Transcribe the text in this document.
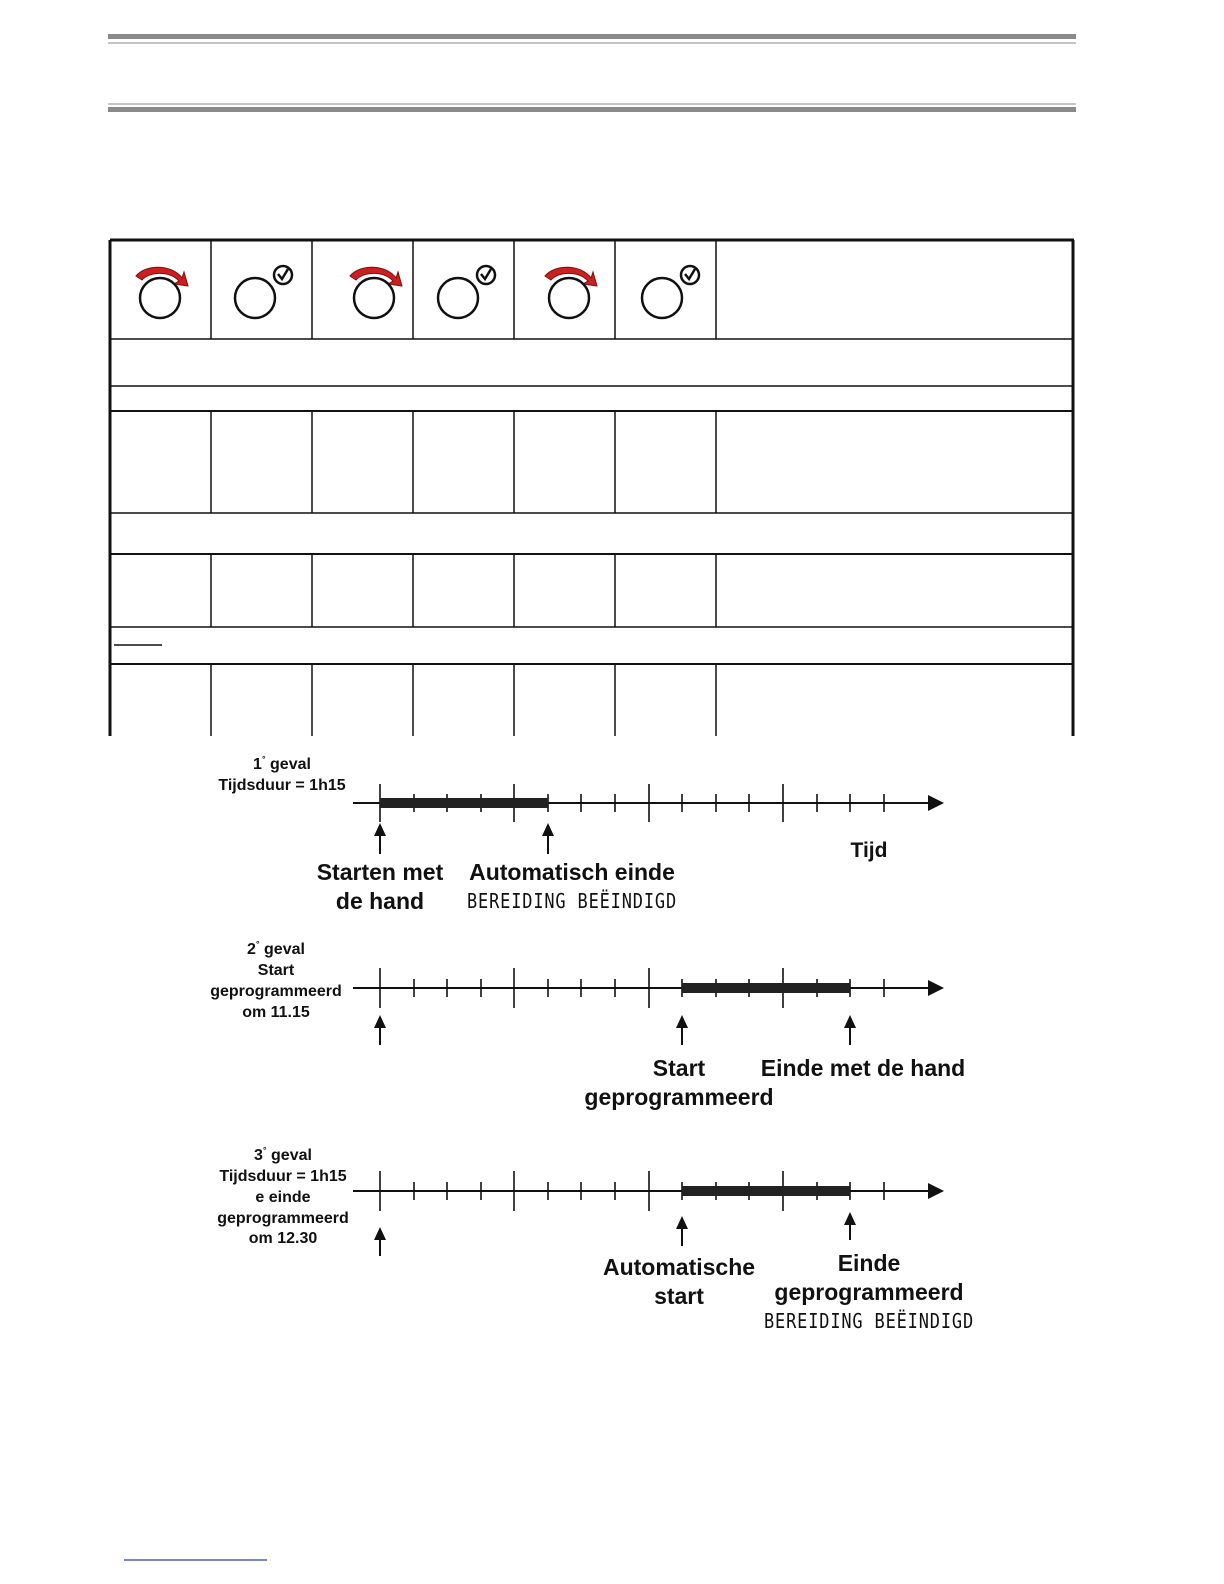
1° geval
Tijdsduur = 1h15
Tijd
Starten met
de hand
Automatisch einde
BEREIDING BEËINDIGD
2° geval
Start
geprogrammeerd
om 11.15
Start
geprogrammeerd
Einde met de hand
3° geval
Tijdsduur = 1h15
e einde
geprogrammeerd
om 12.30
Automatische
start
Einde
geprogrammeerd
BEREIDING BEËINDIGD
